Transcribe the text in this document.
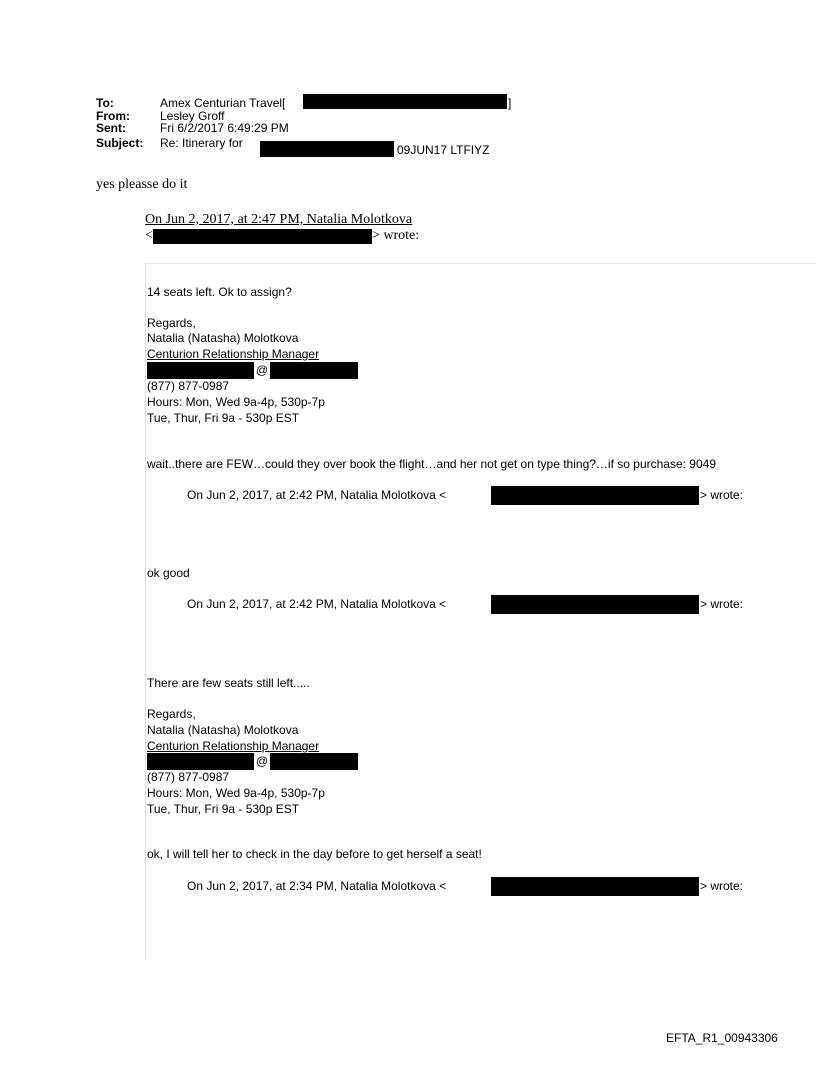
To:	Amex Centurian Travel[	]
From:	Lesley Groff
Sent:	Fri 6/2/2017 6:49:29 PM
Subject: Re: Itinerary for	09JUN17 LTFIYZ
yes pleasse do it
On Jun 2, 2017, at 2:47 PM, Natalia Molotkova
<	> wrote:
14 seats left. Ok to assign?
Regards,
Natalia (Natasha) Molotkova
Centurion Relationship Manager
@
(877) 877-0987
Hours: Mon, Wed 9a-4p, 530p-7p
Tue, Thur, Fri 9a - 530p EST
wait..there are FEW…could they over book the flight…and her not get on type thing?…if so purchase: 9049
On Jun 2, 2017, at 2:42 PM, Natalia Molotkova <	> wrote:
ok good
On Jun 2, 2017, at 2:42 PM, Natalia Molotkova <	> wrote:
There are few seats still left.....
Regards,
Natalia (Natasha) Molotkova
Centurion Relationship Manager
@
(877) 877-0987
Hours: Mon, Wed 9a-4p, 530p-7p
Tue, Thur, Fri 9a - 530p EST
ok, I will tell her to check in the day before to get herself a seat!
On Jun 2, 2017, at 2:34 PM, Natalia Molotkova <	> wrote:
EFTA_R1_00943306
